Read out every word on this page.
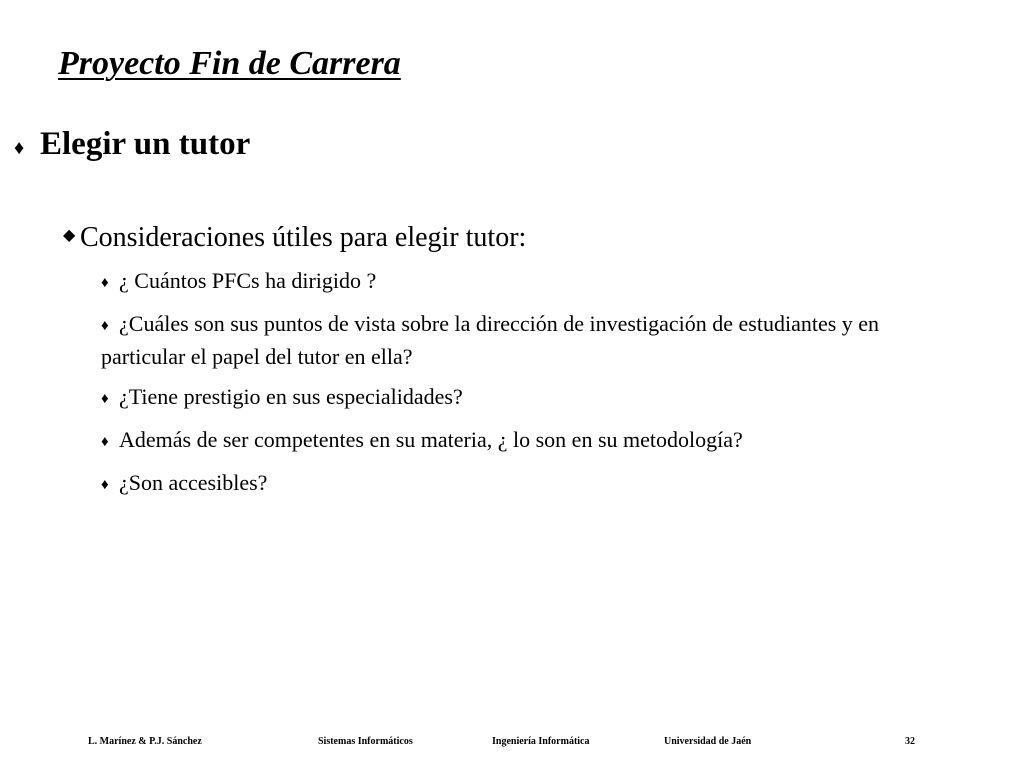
Proyecto Fin de Carrera
♦ Elegir un tutor
◆ Consideraciones útiles para elegir tutor:
♦ ¿ Cuántos PFCs ha dirigido ?
♦ ¿Cuáles son sus puntos de vista sobre la dirección de investigación de estudiantes y en particular el papel del tutor en ella?
♦ ¿Tiene prestigio en sus especialidades?
♦ Además de ser competentes en su materia, ¿ lo son en su metodología?
♦ ¿Son accesibles?
L. Marínez & P.J. Sánchez	Sistemas Informáticos	Ingeniería Informática	Universidad de Jaén	32
